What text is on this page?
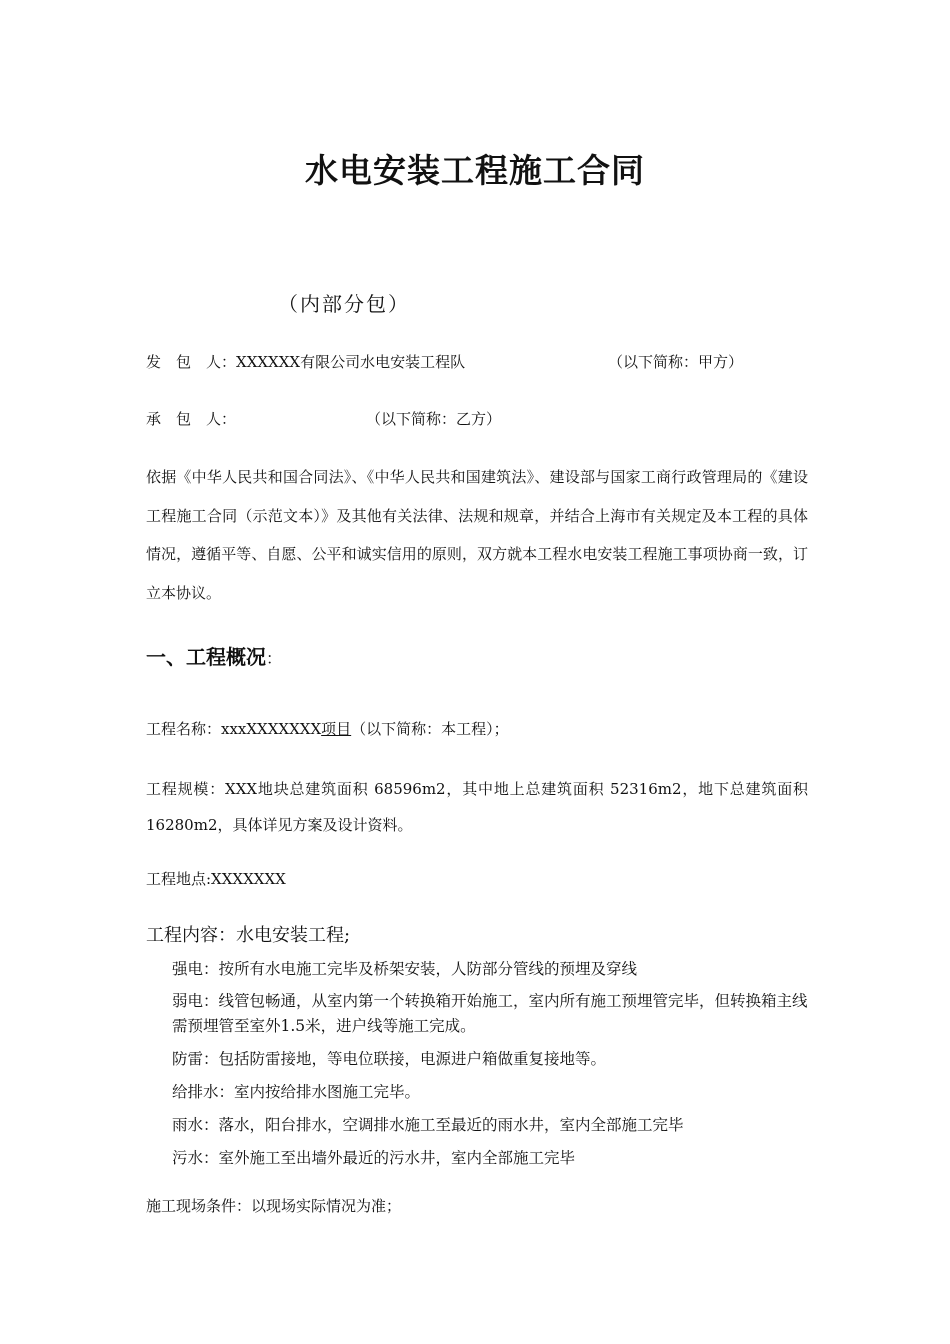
水电安装工程施工合同
（内部分包）
发　包　人：XXXXXX有限公司水电安装工程队	（以下简称：甲方）
承　包　人：	（以下简称：乙方）
依据《中华人民共和国合同法》、《中华人民共和国建筑法》、建设部与国家工商行政管理局的《建设工程施工合同（示范文本）》及其他有关法律、法规和规章，并结合上海市有关规定及本工程的具体情况，遵循平等、自愿、公平和诚实信用的原则，双方就本工程水电安装工程施工事项协商一致，订立本协议。
一、工程概况：
工程名称：xxxXXXXXXX项目（以下简称：本工程）；
工程规模：XXX地块总建筑面积 68596m2，其中地上总建筑面积 52316m2，地下总建筑面积16280m2，具体详见方案及设计资料。
工程地点:XXXXXXX
工程内容：水电安装工程;
强电：按所有水电施工完毕及桥架安装，人防部分管线的预埋及穿线
弱电：线管包畅通，从室内第一个转换箱开始施工，室内所有施工预埋管完毕，但转换箱主线需预埋管至室外1.5米，进户线等施工完成。
防雷：包括防雷接地，等电位联接，电源进户箱做重复接地等。
给排水：室内按给排水图施工完毕。
雨水：落水，阳台排水，空调排水施工至最近的雨水井，室内全部施工完毕
污水：室外施工至出墙外最近的污水井，室内全部施工完毕
施工现场条件：以现场实际情况为准；
